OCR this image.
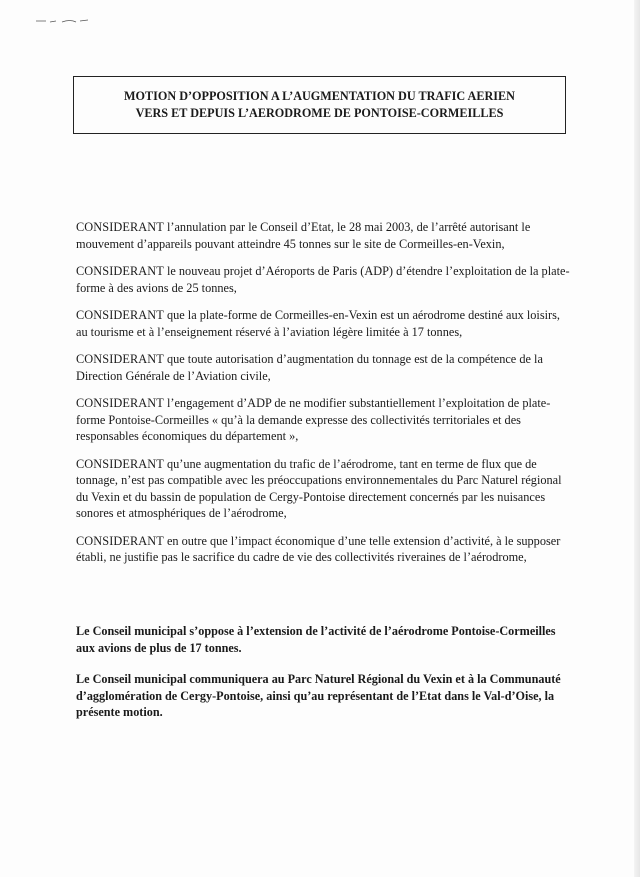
MOTION D’OPPOSITION A L’AUGMENTATION DU TRAFIC AERIEN
VERS ET DEPUIS L’AERODROME DE PONTOISE-CORMEILLES

CONSIDERANT l’annulation par le Conseil d’Etat, le 28 mai 2003, de l’arrêté autorisant le mouvement d’appareils pouvant atteindre 45 tonnes sur le site de Cormeilles-en-Vexin,

CONSIDERANT le nouveau projet d’Aéroports de Paris (ADP) d’étendre l’exploitation de la plate-forme à des avions de 25 tonnes,

CONSIDERANT que la plate-forme de Cormeilles-en-Vexin est un aérodrome destiné aux loisirs, au tourisme et à l’enseignement réservé à l’aviation légère limitée à 17 tonnes,

CONSIDERANT que toute autorisation d’augmentation du tonnage est de la compétence de la Direction Générale de l’Aviation civile,

CONSIDERANT l’engagement d’ADP de ne modifier substantiellement l’exploitation de plate-forme Pontoise-Cormeilles « qu’à la demande expresse des collectivités territoriales et des responsables économiques du département »,

CONSIDERANT qu’une augmentation du trafic de l’aérodrome, tant en terme de flux que de tonnage, n’est pas compatible avec les préoccupations environnementales du Parc Naturel régional du Vexin et du bassin de population de Cergy-Pontoise directement concernés par les nuisances sonores et atmosphériques de l’aérodrome,

CONSIDERANT en outre que l’impact économique d’une telle extension d’activité, à le supposer établi, ne justifie pas le sacrifice du cadre de vie des collectivités riveraines de l’aérodrome,

Le Conseil municipal s’oppose à l’extension de l’activité de l’aérodrome Pontoise-Cormeilles aux avions de plus de 17 tonnes.

Le Conseil municipal communiquera au Parc Naturel Régional du Vexin et à la Communauté d’agglomération de Cergy-Pontoise, ainsi qu’au représentant de l’Etat dans le Val-d’Oise, la présente motion.
